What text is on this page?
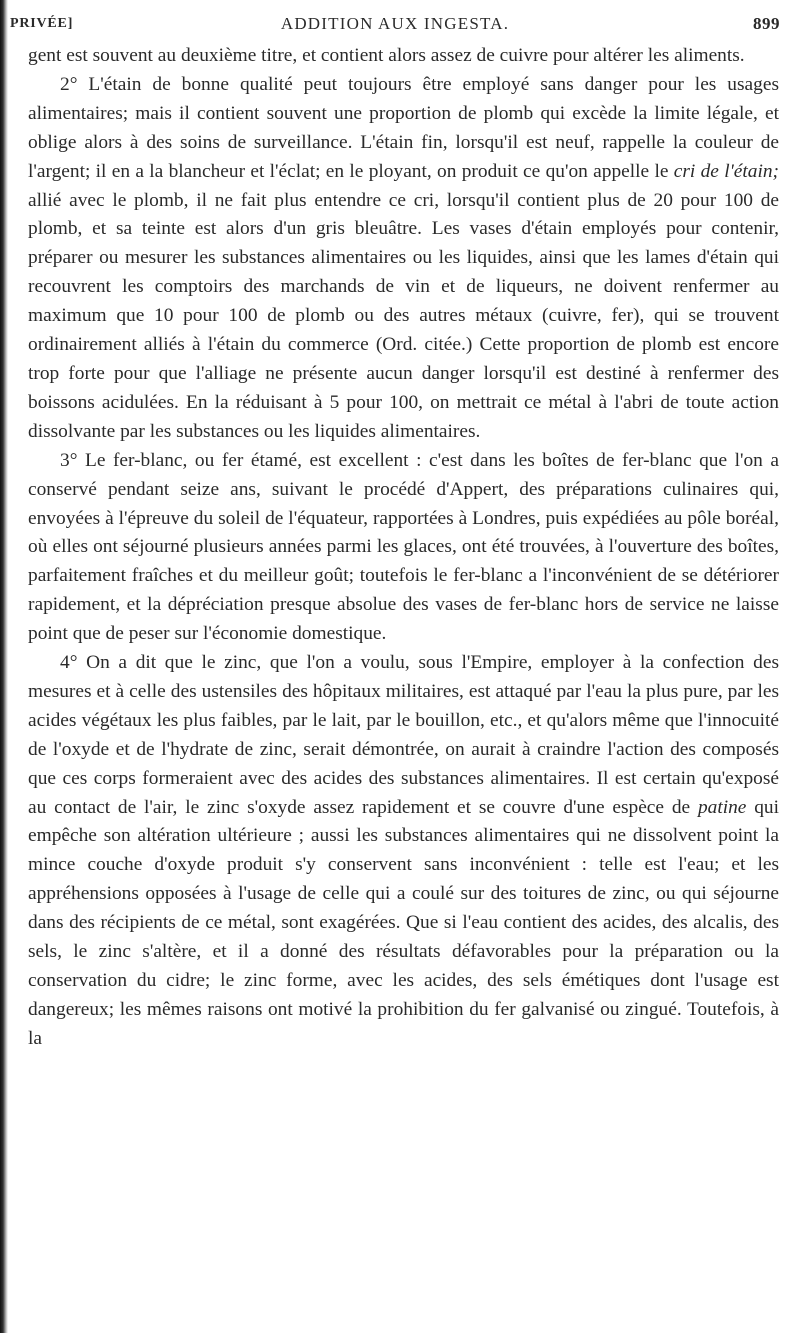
PRIVÉE]	ADDITION AUX INGESTA.	899

gent est souvent au deuxième titre, et contient alors assez de cuivre pour altérer les aliments.

2° L'étain de bonne qualité peut toujours être employé sans danger pour les usages alimentaires; mais il contient souvent une proportion de plomb qui excède la limite légale, et oblige alors à des soins de surveillance. L'étain fin, lorsqu'il est neuf, rappelle la couleur de l'argent; il en a la blancheur et l'éclat; en le ployant, on produit ce qu'on appelle le cri de l'étain; allié avec le plomb, il ne fait plus entendre ce cri, lorsqu'il contient plus de 20 pour 100 de plomb, et sa teinte est alors d'un gris bleuâtre. Les vases d'étain employés pour contenir, préparer ou mesurer les substances alimentaires ou les liquides, ainsi que les lames d'étain qui recouvrent les comptoirs des marchands de vin et de liqueurs, ne doivent renfermer au maximum que 10 pour 100 de plomb ou des autres métaux (cuivre, fer), qui se trouvent ordinairement alliés à l'étain du commerce (Ord. citée.) Cette proportion de plomb est encore trop forte pour que l'alliage ne présente aucun danger lorsqu'il est destiné à renfermer des boissons acidulées. En la réduisant à 5 pour 100, on mettrait ce métal à l'abri de toute action dissolvante par les substances ou les liquides alimentaires.

3° Le fer-blanc, ou fer étamé, est excellent : c'est dans les boîtes de fer-blanc que l'on a conservé pendant seize ans, suivant le procédé d'Appert, des préparations culinaires qui, envoyées à l'épreuve du soleil de l'équateur, rapportées à Londres, puis expédiées au pôle boréal, où elles ont séjourné plusieurs années parmi les glaces, ont été trouvées, à l'ouverture des boîtes, parfaitement fraîches et du meilleur goût; toutefois le fer-blanc a l'inconvénient de se détériorer rapidement, et la dépréciation presque absolue des vases de fer-blanc hors de service ne laisse point que de peser sur l'économie domestique.

4° On a dit que le zinc, que l'on a voulu, sous l'Empire, employer à la confection des mesures et à celle des ustensiles des hôpitaux militaires, est attaqué par l'eau la plus pure, par les acides végétaux les plus faibles, par le lait, par le bouillon, etc., et qu'alors même que l'innocuité de l'oxyde et de l'hydrate de zinc, serait démontrée, on aurait à craindre l'action des composés que ces corps formeraient avec des acides des substances alimentaires. Il est certain qu'exposé au contact de l'air, le zinc s'oxyde assez rapidement et se couvre d'une espèce de patine qui empêche son altération ultérieure ; aussi les substances alimentaires qui ne dissolvent point la mince couche d'oxyde produit s'y conservent sans inconvénient : telle est l'eau; et les appréhensions opposées à l'usage de celle qui a coulé sur des toitures de zinc, ou qui séjourne dans des récipients de ce métal, sont exagérées. Que si l'eau contient des acides, des alcalis, des sels, le zinc s'altère, et il a donné des résultats défavorables pour la préparation ou la conservation du cidre; le zinc forme, avec les acides, des sels émétiques dont l'usage est dangereux; les mêmes raisons ont motivé la prohibition du fer galvanisé ou zingué. Toutefois, à la
